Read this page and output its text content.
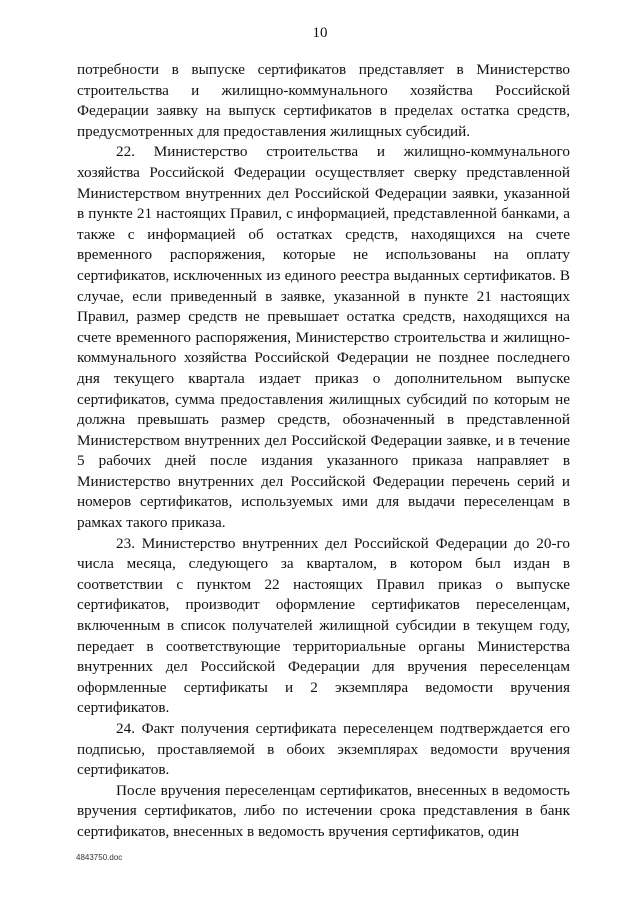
10

потребности в выпуске сертификатов представляет в Министерство строительства и жилищно-коммунального хозяйства Российской Федерации заявку на выпуск сертификатов в пределах остатка средств, предусмотренных для предоставления жилищных субсидий.

22. Министерство строительства и жилищно-коммунального хозяйства Российской Федерации осуществляет сверку представленной Министерством внутренних дел Российской Федерации заявки, указанной в пункте 21 настоящих Правил, с информацией, представленной банками, а также с информацией об остатках средств, находящихся на счете временного распоряжения, которые не использованы на оплату сертификатов, исключенных из единого реестра выданных сертификатов. В случае, если приведенный в заявке, указанной в пункте 21 настоящих Правил, размер средств не превышает остатка средств, находящихся на счете временного распоряжения, Министерство строительства и жилищно-коммунального хозяйства Российской Федерации не позднее последнего дня текущего квартала издает приказ о дополнительном выпуске сертификатов, сумма предоставления жилищных субсидий по которым не должна превышать размер средств, обозначенный в представленной Министерством внутренних дел Российской Федерации заявке, и в течение 5 рабочих дней после издания указанного приказа направляет в Министерство внутренних дел Российской Федерации перечень серий и номеров сертификатов, используемых ими для выдачи переселенцам в рамках такого приказа.

23. Министерство внутренних дел Российской Федерации до 20-го числа месяца, следующего за кварталом, в котором был издан в соответствии с пунктом 22 настоящих Правил приказ о выпуске сертификатов, производит оформление сертификатов переселенцам, включенным в список получателей жилищной субсидии в текущем году, передает в соответствующие территориальные органы Министерства внутренних дел Российской Федерации для вручения переселенцам оформленные сертификаты и 2 экземпляра ведомости вручения сертификатов.

24. Факт получения сертификата переселенцем подтверждается его подписью, проставляемой в обоих экземплярах ведомости вручения сертификатов.

После вручения переселенцам сертификатов, внесенных в ведомость вручения сертификатов, либо по истечении срока представления в банк сертификатов, внесенных в ведомость вручения сертификатов, один

4843750.doc
